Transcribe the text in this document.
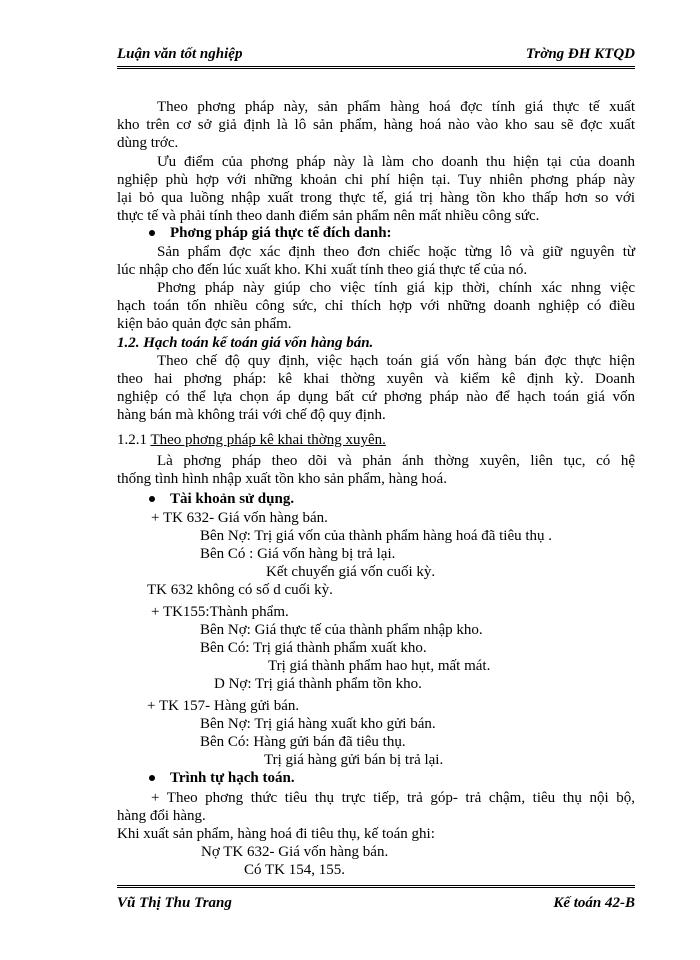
Luận văn tốt nghiệp	Trờng ĐH KTQD
Theo phơng pháp này, sản phẩm hàng hoá đợc tính giá thực tế xuất
kho trên cơ sở giả định là lô sản phẩm, hàng hoá nào vào kho sau sẽ đợc xuất
dùng trớc.
Ưu điểm của phơng pháp này là làm cho doanh thu hiện tại của doanh
nghiệp phù hợp với những khoản chi phí hiện tại. Tuy nhiên phơng pháp này
lại bỏ qua luồng nhập xuất trong thực tế, giá trị hàng tồn kho thấp hơn so với
thực tế và phải tính theo danh điểm sản phẩm nên mất nhiều công sức.
Phơng pháp giá thực tế đích danh:
Sản phẩm đợc xác định theo đơn chiếc hoặc từng lô và giữ nguyên từ
lúc nhập cho đến lúc xuất kho. Khi xuất tính theo giá thực tế của nó.
Phơng pháp này giúp cho việc tính giá kịp thời, chính xác nhng việc
hạch toán tốn nhiều công sức, chỉ thích hợp với những doanh nghiệp có điều
kiện bảo quản đợc sản phẩm.
1.2. Hạch toán kế toán giá vốn hàng bán.
Theo chế độ quy định, việc hạch toán giá vốn hàng bán đợc thực hiện
theo hai phơng pháp: kê khai thờng xuyên và kiểm kê định kỳ. Doanh
nghiệp có thể lựa chọn áp dụng bất cứ phơng pháp nào để hạch toán giá vốn
hàng bán mà không trái với chế độ quy định.
1.2.1 Theo phơng pháp kê khai thờng xuyên.
Là phơng pháp theo dõi và phản ánh thờng xuyên, liên tục, có hệ
thống tình hình nhập xuất tồn kho sản phẩm, hàng hoá.
Tài khoản sử dụng.
+ TK 632- Giá vốn hàng bán.
Bên Nợ: Trị giá vốn của thành phẩm hàng hoá đã tiêu thụ .
Bên Có : Giá vốn hàng bị trả lại.
Kết chuyển giá vốn cuối kỳ.
TK 632 không có số d cuối kỳ.
+ TK155:Thành phẩm.
Bên Nợ: Giá thực tế của thành phẩm nhập kho.
Bên Có: Trị giá thành phẩm xuất kho.
Trị giá thành phẩm hao hụt, mất mát.
D Nợ: Trị giá thành phẩm tồn kho.
+ TK 157- Hàng gửi bán.
Bên Nợ: Trị giá hàng xuất kho gửi bán.
Bên Có: Hàng gửi bán đã tiêu thụ.
Trị giá hàng gửi bán bị trả lại.
Trình tự hạch toán.
+ Theo phơng thức tiêu thụ trực tiếp, trả góp- trả chậm, tiêu thụ nội bộ,
hàng đổi hàng.
Khi xuất sản phẩm, hàng hoá đi tiêu thụ, kế toán ghi:
Nợ TK 632- Giá vốn hàng bán.
Có TK 154, 155.
Vũ Thị Thu Trang	Kế toán 42-B
